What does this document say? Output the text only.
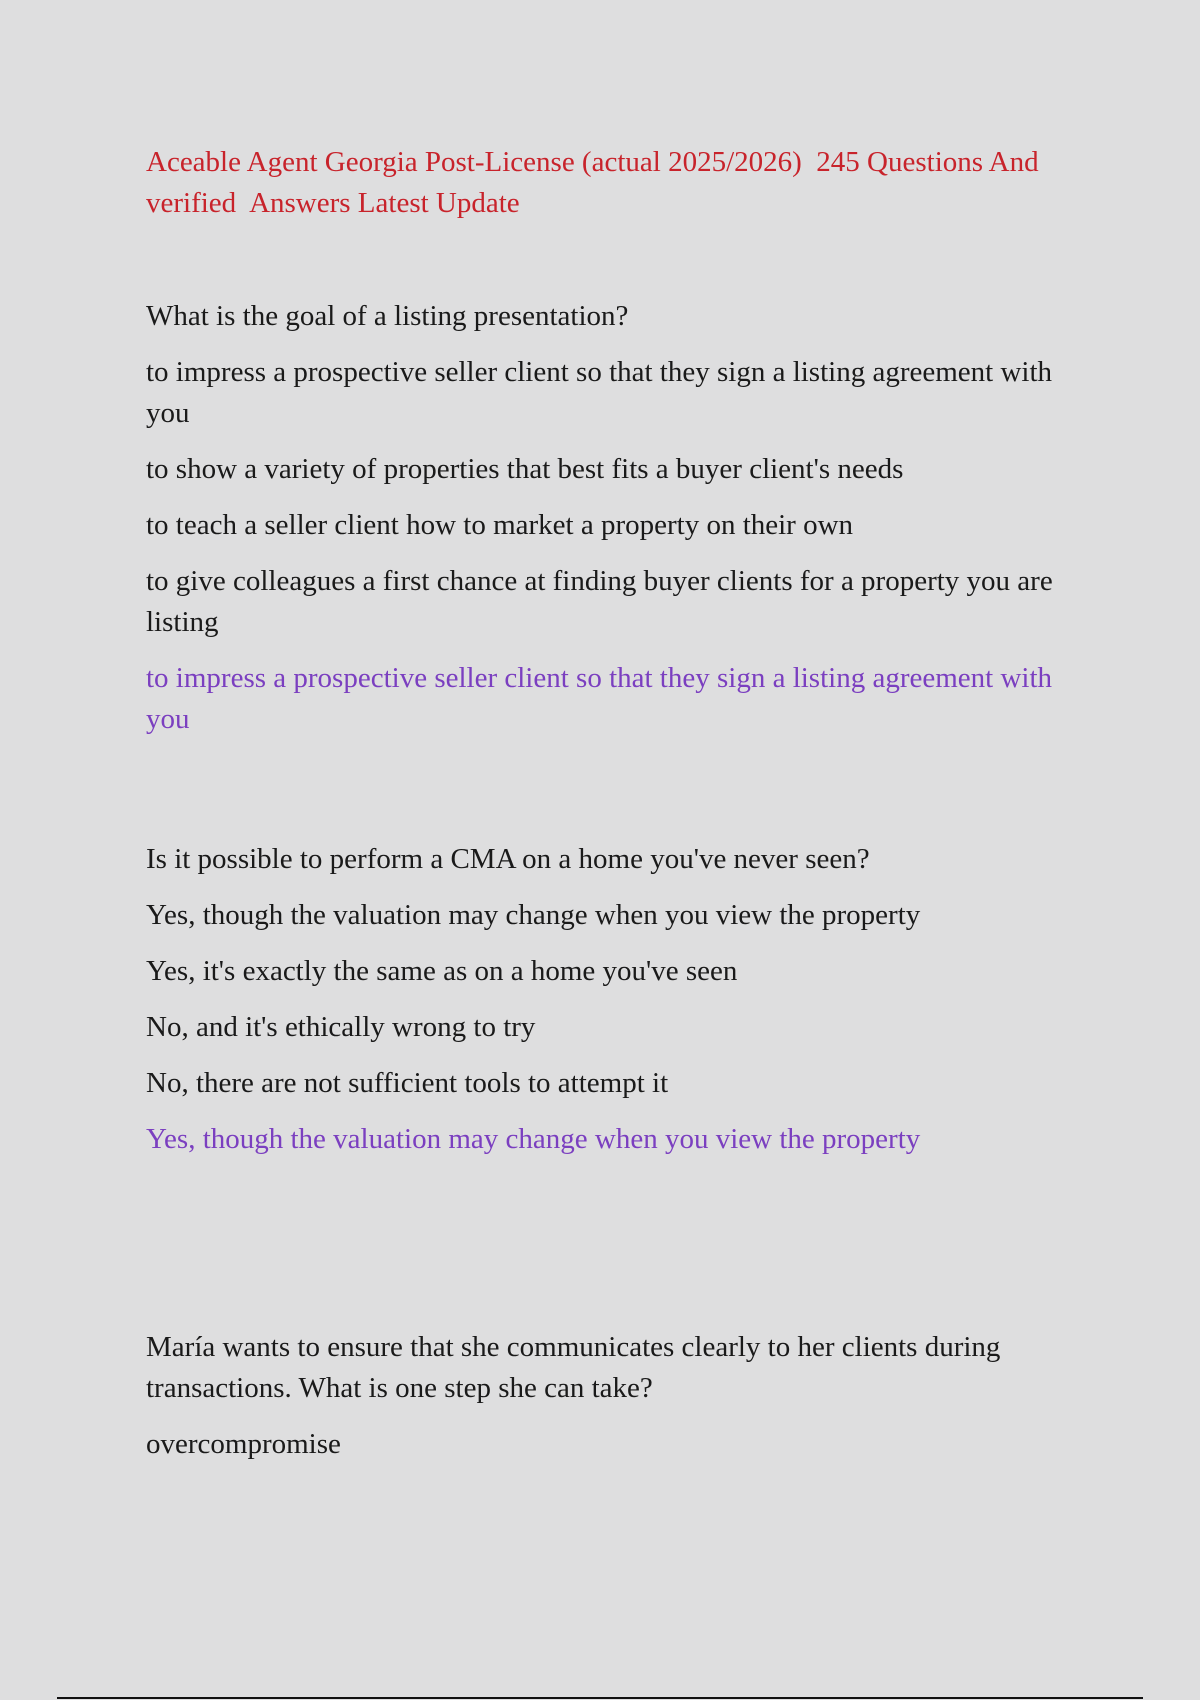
Aceable Agent Georgia Post-License (actual 2025/2026)  245 Questions And verified  Answers Latest Update
What is the goal of a listing presentation?
to impress a prospective seller client so that they sign a listing agreement with you
to show a variety of properties that best fits a buyer client's needs
to teach a seller client how to market a property on their own
to give colleagues a first chance at finding buyer clients for a property you are listing
to impress a prospective seller client so that they sign a listing agreement with you
Is it possible to perform a CMA on a home you've never seen?
Yes, though the valuation may change when you view the property
Yes, it's exactly the same as on a home you've seen
No, and it's ethically wrong to try
No, there are not sufficient tools to attempt it
Yes, though the valuation may change when you view the property
María wants to ensure that she communicates clearly to her clients during transactions. What is one step she can take?
overcompromise
